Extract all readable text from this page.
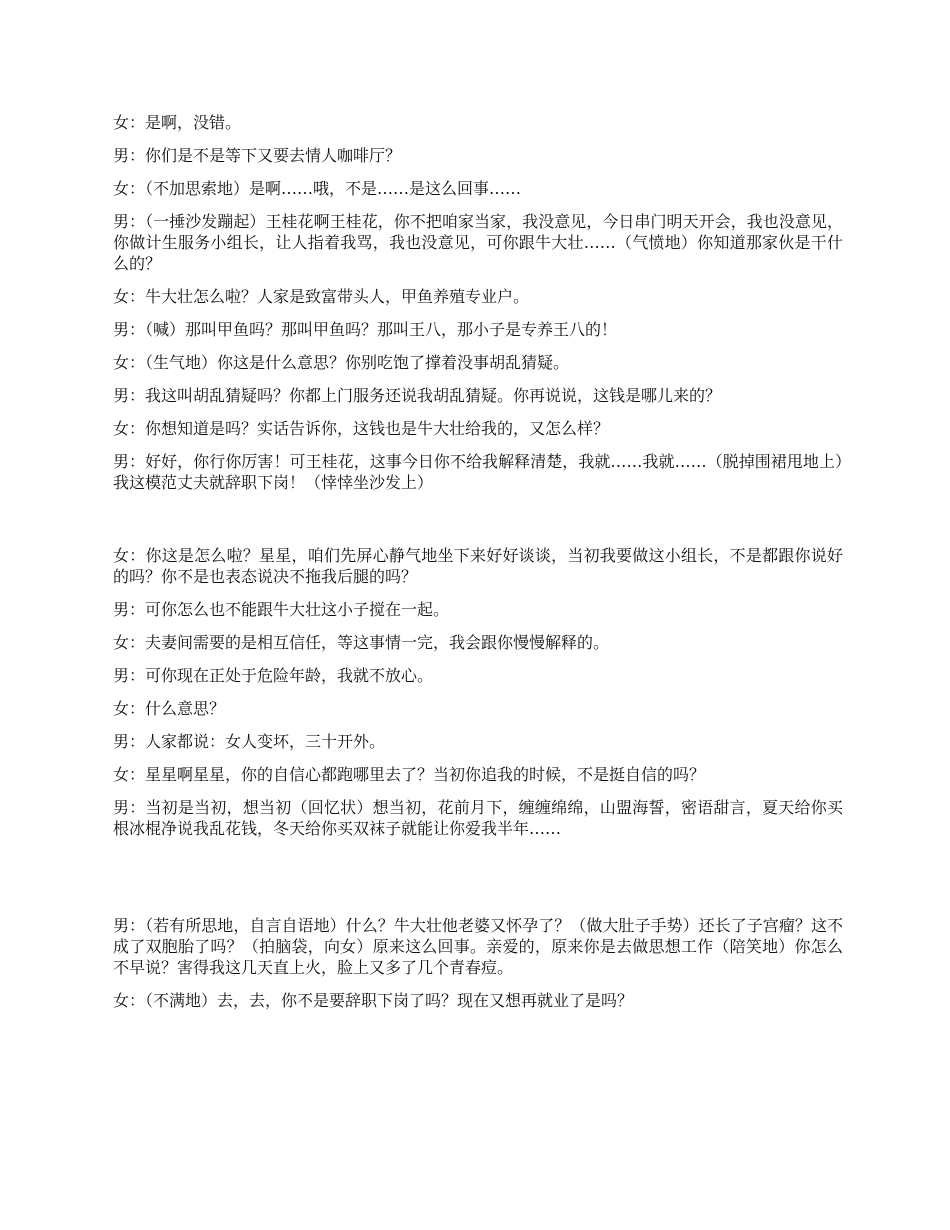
女：是啊，没错。

男：你们是不是等下又要去情人咖啡厅？

女：（不加思索地）是啊……哦，不是……是这么回事……

男：（一捶沙发蹦起）王桂花啊王桂花，你不把咱家当家，我没意见，今日串门明天开会，我也没意见，你做计生服务小组长，让人指着我骂，我也没意见，可你跟牛大壮……（气愤地）你知道那家伙是干什么的？

女：牛大壮怎么啦？人家是致富带头人，甲鱼养殖专业户。

男：（喊）那叫甲鱼吗？那叫甲鱼吗？那叫王八，那小子是专养王八的！

女：（生气地）你这是什么意思？你别吃饱了撑着没事胡乱猜疑。

男：我这叫胡乱猜疑吗？你都上门服务还说我胡乱猜疑。你再说说，这钱是哪儿来的？

女：你想知道是吗？实话告诉你，这钱也是牛大壮给我的，又怎么样？

男：好好，你行你厉害！可王桂花，这事今日你不给我解释清楚，我就……我就……（脱掉围裙甩地上）我这模范丈夫就辞职下岗！（悻悻坐沙发上）

女：你这是怎么啦？星星，咱们先屏心静气地坐下来好好谈谈，当初我要做这小组长，不是都跟你说好的吗？你不是也表态说决不拖我后腿的吗？

男：可你怎么也不能跟牛大壮这小子搅在一起。

女：夫妻间需要的是相互信任，等这事情一完，我会跟你慢慢解释的。

男：可你现在正处于危险年龄，我就不放心。

女：什么意思？

男：人家都说：女人变坏，三十开外。

女：星星啊星星，你的自信心都跑哪里去了？当初你追我的时候，不是挺自信的吗？

男：当初是当初，想当初（回忆状）想当初，花前月下，缠缠绵绵，山盟海誓，密语甜言，夏天给你买根冰棍净说我乱花钱，冬天给你买双袜子就能让你爱我半年……

男：（若有所思地，自言自语地）什么？牛大壮他老婆又怀孕了？（做大肚子手势）还长了子宫瘤？这不成了双胞胎了吗？（拍脑袋，向女）原来这么回事。亲爱的，原来你是去做思想工作（陪笑地）你怎么不早说？害得我这几天直上火，脸上又多了几个青春痘。

女：（不满地）去，去，你不是要辞职下岗了吗？现在又想再就业了是吗？
